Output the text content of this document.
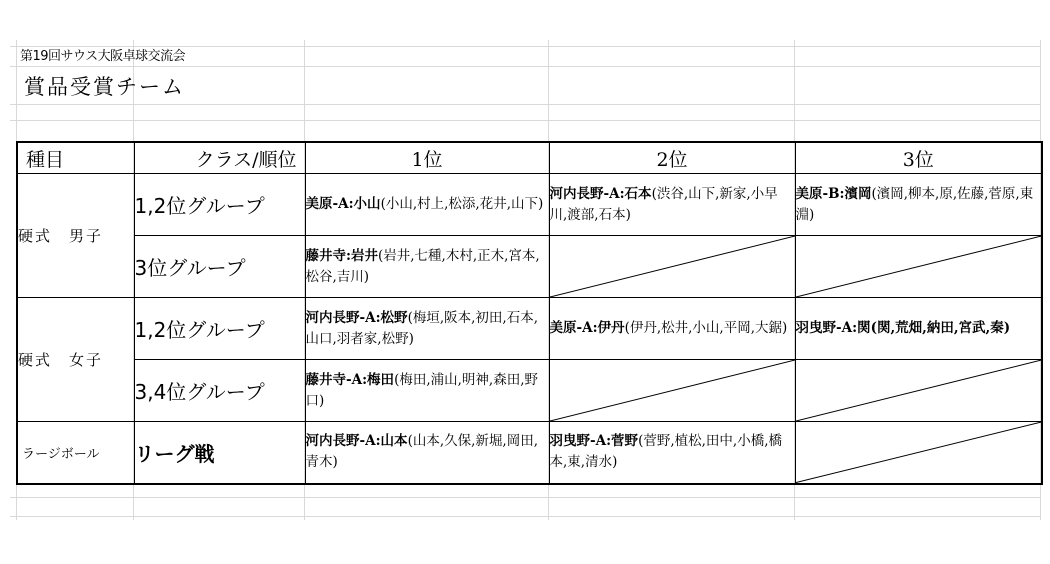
第19回サウス大阪卓球交流会
賞品受賞チーム
種目	クラス/順位	1位	2位	3位
硬式　男子	1,2位グループ	美原-A:小山(小山,村上,松添,花井,山下)	河内長野-A:石本(渋谷,山下,新家,小早川,渡部,石本)	美原-B:濱岡(濱岡,柳本,原,佐藤,菅原,東淵)
	3位グループ	藤井寺:岩井(岩井,七種,木村,正木,宮本,松谷,吉川)	

硬式　女子	1,2位グループ	河内長野-A:松野(梅垣,阪本,初田,石本,山口,羽者家,松野)	美原-A:伊丹(伊丹,松井,小山,平岡,大鋸)	羽曳野-A:関(関,荒畑,納田,宮武,秦)
	3,4位グループ	藤井寺-A:梅田(梅田,浦山,明神,森田,野口)	

ラージボール	リーグ戦	河内長野-A:山本(山本,久保,新堀,岡田,青木)	羽曳野-A:菅野(菅野,植松,田中,小橋,橋本,東,清水)	
